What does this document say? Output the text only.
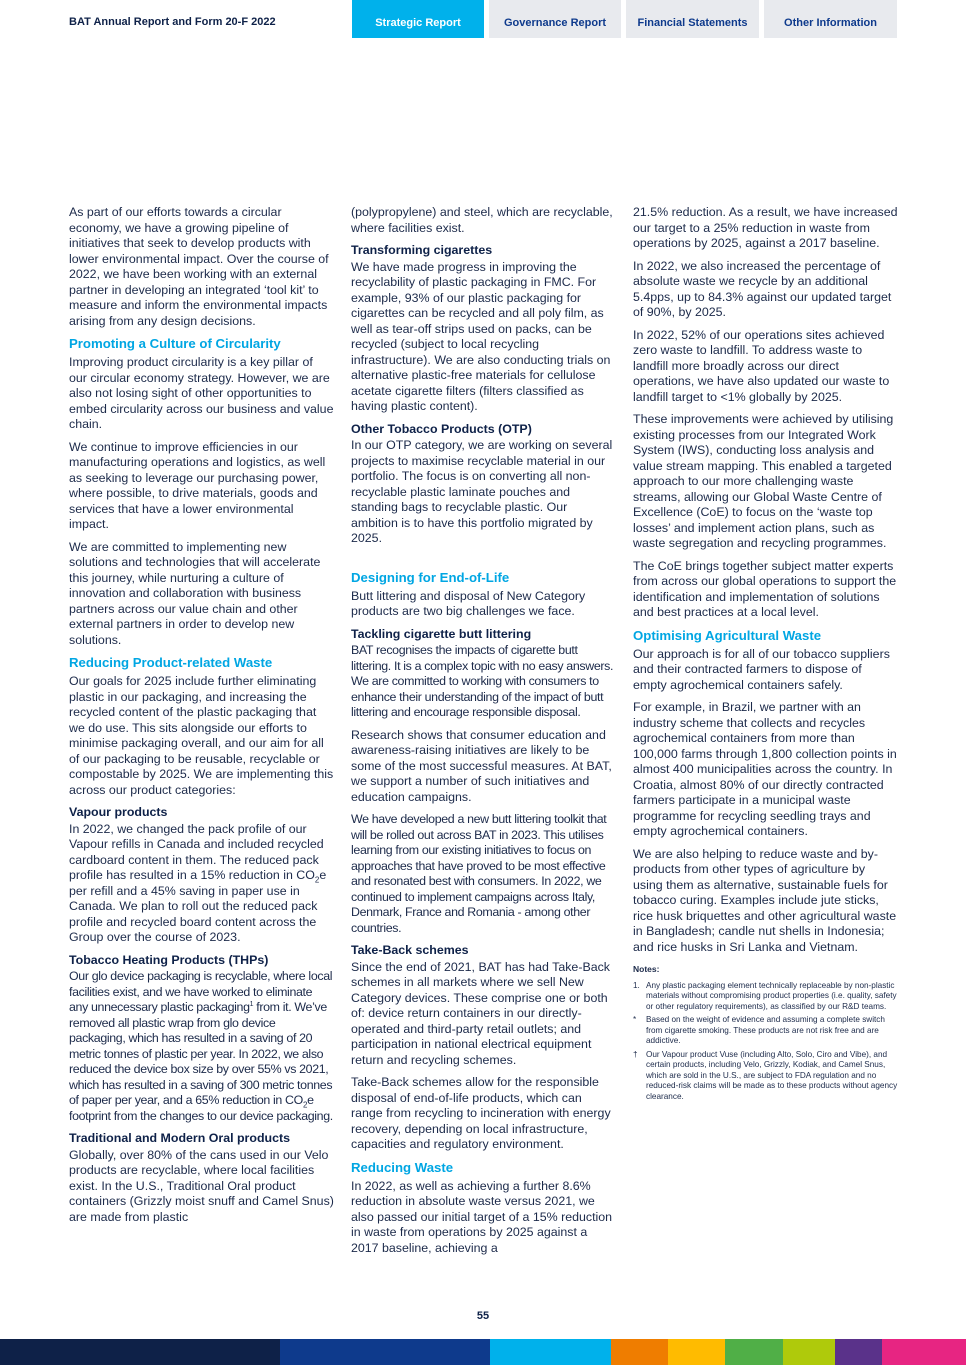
BAT Annual Report and Form 20-F 2022	Strategic Report	Governance Report	Financial Statements	Other Information

As part of our efforts towards a circular economy, we have a growing pipeline of initiatives that seek to develop products with lower environmental impact. Over the course of 2022, we have been working with an external partner in developing an integrated ‘tool kit’ to measure and inform the environmental impacts arising from any design decisions.

Promoting a Culture of Circularity

Improving product circularity is a key pillar of our circular economy strategy. However, we are also not losing sight of other opportunities to embed circularity across our business and value chain.

We continue to improve efficiencies in our manufacturing operations and logistics, as well as seeking to leverage our purchasing power, where possible, to drive materials, goods and services that have a lower environmental impact.

We are committed to implementing new solutions and technologies that will accelerate this journey, while nurturing a culture of innovation and collaboration with business partners across our value chain and other external partners in order to develop new solutions.

Reducing Product-related Waste

Our goals for 2025 include further eliminating plastic in our packaging, and increasing the recycled content of the plastic packaging that we do use. This sits alongside our efforts to minimise packaging overall, and our aim for all of our packaging to be reusable, recyclable or compostable by 2025. We are implementing this across our product categories:

Vapour products

In 2022, we changed the pack profile of our Vapour refills in Canada and included recycled cardboard content in them. The reduced pack profile has resulted in a 15% reduction in $CO_2e$ per refill and a 45% saving in paper use in Canada. We plan to roll out the reduced pack profile and recycled board content across the Group over the course of 2023.

Tobacco Heating Products (THPs)

Our glo device packaging is recyclable, where local facilities exist, and we have worked to eliminate any unnecessary plastic packaging$^1$ from it. We’ve removed all plastic wrap from glo device packaging, which has resulted in a saving of 20 metric tonnes of plastic per year. In 2022, we also reduced the device box size by over 55% vs 2021, which has resulted in a saving of 300 metric tonnes of paper per year, and a 65% reduction in $CO_2e$ footprint from the changes to our device packaging.

Traditional and Modern Oral products

Globally, over 80% of the cans used in our Velo products are recyclable, where local facilities exist. In the U.S., Traditional Oral product containers (Grizzly moist snuff and Camel Snus) are made from plastic

(polypropylene) and steel, which are recyclable, where facilities exist.

Transforming cigarettes

We have made progress in improving the recyclability of plastic packaging in FMC. For example, 93% of our plastic packaging for cigarettes can be recycled and all poly film, as well as tear-off strips used on packs, can be recycled (subject to local recycling infrastructure). We are also conducting trials on alternative plastic-free materials for cellulose acetate cigarette filters (filters classified as having plastic content).

Other Tobacco Products (OTP)

In our OTP category, we are working on several projects to maximise recyclable material in our portfolio. The focus is on converting all non-recyclable plastic laminate pouches and standing bags to recyclable plastic. Our ambition is to have this portfolio migrated by 2025.

Designing for End-of-Life

Butt littering and disposal of New Category products are two big challenges we face.

Tackling cigarette butt littering

BAT recognises the impacts of cigarette butt littering. It is a complex topic with no easy answers. We are committed to working with consumers to enhance their understanding of the impact of butt littering and encourage responsible disposal.

Research shows that consumer education and awareness-raising initiatives are likely to be some of the most successful measures. At BAT, we support a number of such initiatives and education campaigns.

We have developed a new butt littering toolkit that will be rolled out across BAT in 2023. This utilises learning from our existing initiatives to focus on approaches that have proved to be most effective and resonated best with consumers. In 2022, we continued to implement campaigns across Italy, Denmark, France and Romania - among other countries.

Take-Back schemes

Since the end of 2021, BAT has had Take-Back schemes in all markets where we sell New Category devices. These comprise one or both of: device return containers in our directly-operated and third-party retail outlets; and participation in national electrical equipment return and recycling schemes.

Take-Back schemes allow for the responsible disposal of end-of-life products, which can range from recycling to incineration with energy recovery, depending on local infrastructure, capacities and regulatory environment.

Reducing Waste

In 2022, as well as achieving a further 8.6% reduction in absolute waste versus 2021, we also passed our initial target of a 15% reduction in waste from operations by 2025 against a 2017 baseline, achieving a

21.5% reduction. As a result, we have increased our target to a 25% reduction in waste from operations by 2025, against a 2017 baseline.

In 2022, we also increased the percentage of absolute waste we recycle by an additional 5.4pps, up to 84.3% against our updated target of 90%, by 2025.

In 2022, 52% of our operations sites achieved zero waste to landfill. To address waste to landfill more broadly across our direct operations, we have also updated our waste to landfill target to <1% globally by 2025.

These improvements were achieved by utilising existing processes from our Integrated Work System (IWS), conducting loss analysis and value stream mapping. This enabled a targeted approach to our more challenging waste streams, allowing our Global Waste Centre of Excellence (CoE) to focus on the ‘waste top losses’ and implement action plans, such as waste segregation and recycling programmes.

The CoE brings together subject matter experts from across our global operations to support the identification and implementation of solutions and best practices at a local level.

Optimising Agricultural Waste

Our approach is for all of our tobacco suppliers and their contracted farmers to dispose of empty agrochemical containers safely.

For example, in Brazil, we partner with an industry scheme that collects and recycles agrochemical containers from more than 100,000 farms through 1,800 collection points in almost 400 municipalities across the country. In Croatia, almost 80% of our directly contracted farmers participate in a municipal waste programme for recycling seedling trays and empty agrochemical containers.

We are also helping to reduce waste and by-products from other types of agriculture by using them as alternative, sustainable fuels for tobacco curing. Examples include jute sticks, rice husk briquettes and other agricultural waste in Bangladesh; candle nut shells in Indonesia; and rice husks in Sri Lanka and Vietnam.

Notes:
1. Any plastic packaging element technically replaceable by non-plastic materials without compromising product properties (i.e. quality, safety or other regulatory requirements), as classified by our R&D teams.
*	Based on the weight of evidence and assuming a complete switch from cigarette smoking. These products are not risk free and are addictive.
†	Our Vapour product Vuse (including Alto, Solo, Ciro and Vibe), and certain products, including Velo, Grizzly, Kodiak, and Camel Snus, which are sold in the U.S., are subject to FDA regulation and no reduced-risk claims will be made as to these products without agency clearance.
55
